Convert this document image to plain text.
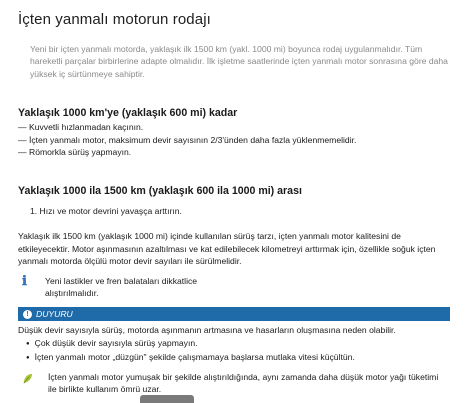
İçten yanmalı motorun rodajı
Yeni bir içten yanmalı motorda, yaklaşık ilk 1500 km (yakl. 1000 mi) boyunca rodaj uygulanmalıdır. Tüm hareketli parçalar birbirlerine adapte olmalıdır. İlk işletme saatlerinde içten yanmalı motor sonrasına göre daha yüksek iç sürtünmeye sahiptir.
Yaklaşık 1000 km'ye (yaklaşık 600 mi) kadar
— Kuvvetli hızlanmadan kaçının.
— İçten yanmalı motor, maksimum devir sayısının 2/3'ünden daha fazla yüklenmemelidir.
— Römorkla sürüş yapmayın.
Yaklaşık 1000 ila 1500 km (yaklaşık 600 ila 1000 mi) arası
1. Hızı ve motor devrini yavaşça arttırın.
Yaklaşık ilk 1500 km (yaklaşık 1000 mi) içinde kullanılan sürüş tarzı, içten yanmalı motor kalitesini de etkileyecektir. Motor aşınmasının azaltılması ve kat edilebilecek kilometreyi arttırmak için, özellikle soğuk içten yanmalı motorda ölçülü motor devir sayıları ile sürülmelidir.
ℹ Yeni lastikler ve fren balataları dikkatlice alıştırılmalıdır.
! DUYURU
Düşük devir sayısıyla sürüş, motorda aşınmanın artmasına ve hasarların oluşmasına neden olabilir.
● Çok düşük devir sayısıyla sürüş yapmayın.
● İçten yanmalı motor „düzgün" şekilde çalışmamaya başlarsa mutlaka vitesi küçültün.
İçten yanmalı motor yumuşak bir şekilde alıştırıldığında, aynı zamanda daha düşük motor yağı tüketimi ile birlikte kullanım ömrü uzar.
